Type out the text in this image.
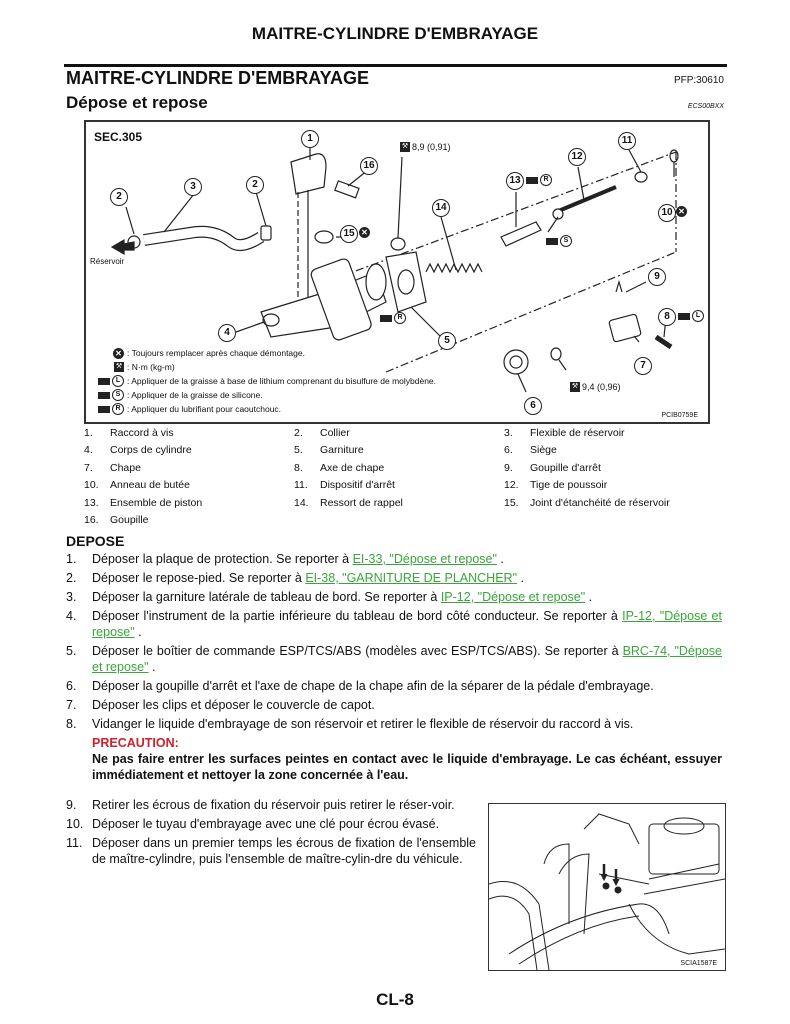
MAITRE-CYLINDRE D'EMBRAYAGE
MAITRE-CYLINDRE D'EMBRAYAGE	PFP:30610
Dépose et repose	ECS00BXX
SEC.305
Réservoir
1
2
2
3
4
5
6
7
8
9
10
11
12
13
14
15
16
✕
✕
R
S
R	L
⚒ 8,9 (0,91)
⚒ 9,4 (0,96)
✕ : Toujours remplacer après chaque démontage.
⚒ : N·m (kg-m)
L : Appliquer de la graisse à base de lithium comprenant du bisulfure de molybdène.
S : Appliquer de la graisse de silicone.
R : Appliquer du lubrifiant pour caoutchouc.
PCIB0759E
1.	Raccord à vis	2.	Collier	3.	Flexible de réservoir
4.	Corps de cylindre	5.	Garniture	6.	Siège
7.	Chape	8.	Axe de chape	9.	Goupille d'arrêt
10.	Anneau de butée	11.	Dispositif d'arrêt	12.	Tige de poussoir
13.	Ensemble de piston	14.	Ressort de rappel	15.	Joint d'étanchéité de réservoir
16.	Goupille
DEPOSE
1.	Déposer la plaque de protection. Se reporter à EI-33, "Dépose et repose" .
2.	Déposer le repose-pied. Se reporter à EI-38, "GARNITURE DE PLANCHER" .
3.	Déposer la garniture latérale de tableau de bord. Se reporter à IP-12, "Dépose et repose" .
4.	Déposer l'instrument de la partie inférieure du tableau de bord côté conducteur. Se reporter à IP-12, "Dépose et repose" .
5.	Déposer le boîtier de commande ESP/TCS/ABS (modèles avec ESP/TCS/ABS). Se reporter à BRC-74, "Dépose et repose" .
6.	Déposer la goupille d'arrêt et l'axe de chape de la chape afin de la séparer de la pédale d'embrayage.
7.	Déposer les clips et déposer le couvercle de capot.
8.	Vidanger le liquide d'embrayage de son réservoir et retirer le flexible de réservoir du raccord à vis.
PRECAUTION:
Ne pas faire entrer les surfaces peintes en contact avec le liquide d'embrayage. Le cas échéant, essuyer immédiatement et nettoyer la zone concernée à l'eau.
9.	Retirer les écrous de fixation du réservoir puis retirer le réser-voir.
10. Déposer le tuyau d'embrayage avec une clé pour écrou évasé.
11. Déposer dans un premier temps les écrous de fixation de l'ensemble de maître-cylindre, puis l'ensemble de maître-cylin-dre du véhicule.
SCIA1587E
CL-8
